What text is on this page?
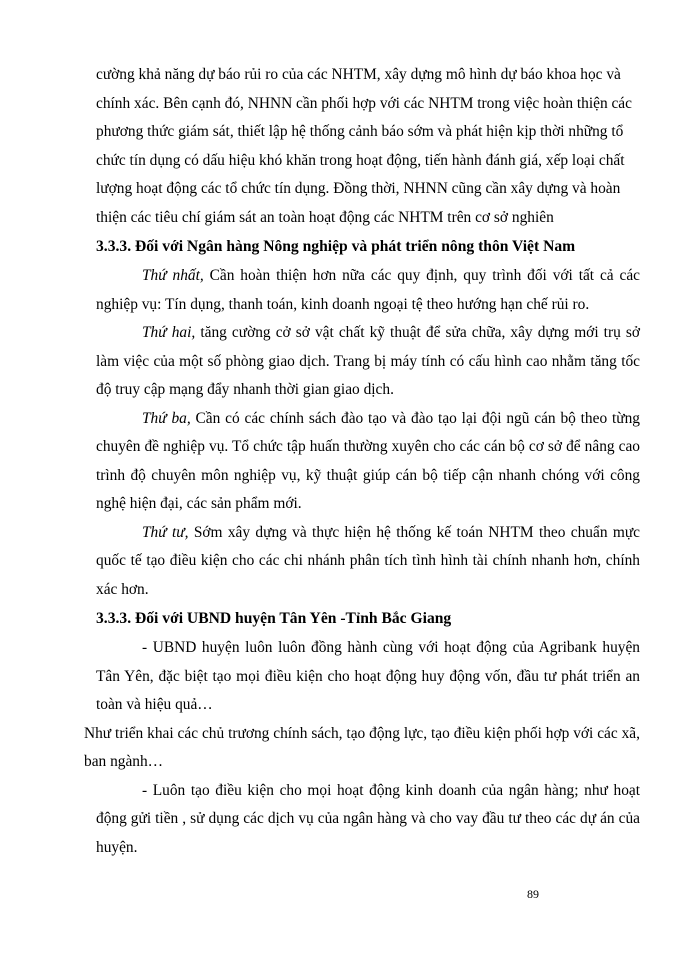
cường khả năng dự báo rủi ro của các NHTM, xây dựng mô hình dự báo khoa học và chính xác. Bên cạnh đó, NHNN cần phối hợp với các NHTM trong việc hoàn thiện các phương thức giám sát, thiết lập hệ thống cảnh báo sớm và phát hiện kịp thời những tổ chức tín dụng có dấu hiệu khó khăn trong hoạt động, tiến hành đánh giá, xếp loại chất lượng hoạt động các tổ chức tín dụng. Đồng thời, NHNN cũng cần xây dựng và hoàn thiện các tiêu chí giám sát an toàn hoạt động các NHTM trên cơ sở nghiên

3.3.3. Đối với Ngân hàng Nông nghiệp và phát triển nông thôn Việt Nam

Thứ nhất, Cần hoàn thiện hơn nữa các quy định, quy trình đối với tất cả các nghiệp vụ: Tín dụng, thanh toán, kinh doanh ngoại tệ theo hướng hạn chế rủi ro.

Thứ hai, tăng cường cở sở vật chất kỹ thuật để sửa chữa, xây dựng mới trụ sở làm việc của một số phòng giao dịch. Trang bị máy tính có cấu hình cao nhằm tăng tốc độ truy cập mạng đẩy nhanh thời gian giao dịch.

Thứ ba, Cần có các chính sách đào tạo và đào tạo lại đội ngũ cán bộ theo từng chuyên đề nghiệp vụ. Tổ chức tập huấn thường xuyên cho các cán bộ cơ sở để nâng cao trình độ chuyên môn nghiệp vụ, kỹ thuật giúp cán bộ tiếp cận nhanh chóng với công nghệ hiện đại, các sản phẩm mới.

Thứ tư, Sớm xây dựng và thực hiện hệ thống kế toán NHTM theo chuẩn mực quốc tế tạo điều kiện cho các chi nhánh phân tích tình hình tài chính nhanh hơn, chính xác hơn.

3.3.3. Đối với UBND huyện Tân Yên -Tỉnh Bắc Giang

- UBND huyện luôn luôn đồng hành cùng với hoạt động của Agribank huyện Tân Yên, đặc biệt tạo mọi điều kiện cho hoạt động huy động vốn, đầu tư phát triển an toàn và hiệu quả…

Như triển khai các chủ trương chính sách, tạo động lực, tạo điều kiện phối hợp với các xã, ban ngành…

- Luôn tạo điều kiện cho mọi hoạt động kinh doanh của ngân hàng; như hoạt động gửi tiền , sử dụng các dịch vụ của ngân hàng và cho vay đầu tư theo các dự án của huyện.

89
